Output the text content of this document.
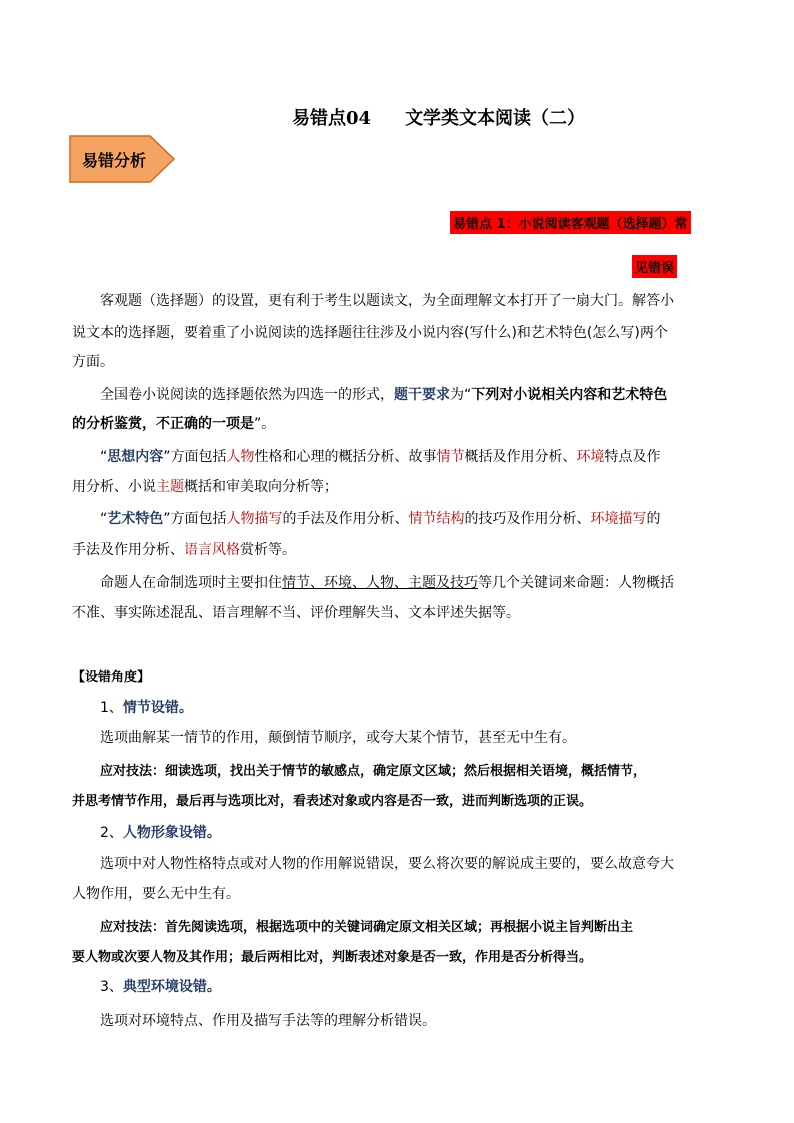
易错点04 文学类文本阅读（二）
易错分析
易错点 1：小说阅读客观题（选择题）常
见错误
客观题（选择题）的设置，更有利于考生以题读文，为全面理解文本打开了一扇大门。解答小
说文本的选择题，要着重了小说阅读的选择题往往涉及小说内容(写什么)和艺术特色(怎么写)两个
方面。
全国卷小说阅读的选择题依然为四选一的形式，题干要求为“下列对小说相关内容和艺术特色
的分析鉴赏，不正确的一项是”。
“思想内容”方面包括人物性格和心理的概括分析、故事情节概括及作用分析、环境特点及作
用分析、小说主题概括和审美取向分析等；
“艺术特色”方面包括人物描写的手法及作用分析、情节结构的技巧及作用分析、环境描写的
手法及作用分析、语言风格赏析等。
命题人在命制选项时主要扣住情节、环境、人物、主题及技巧等几个关键词来命题：人物概括
不准、事实陈述混乱、语言理解不当、评价理解失当、文本评述失据等。
【设错角度】
1、情节设错。
选项曲解某一情节的作用，颠倒情节顺序，或夸大某个情节，甚至无中生有。
应对技法：细读选项，找出关于情节的敏感点，确定原文区域；然后根据相关语境，概括情节，
并思考情节作用，最后再与选项比对，看表述对象或内容是否一致，进而判断选项的正误。
2、人物形象设错。
选项中对人物性格特点或对人物的作用解说错误，要么将次要的解说成主要的，要么故意夸大
人物作用，要么无中生有。
应对技法：首先阅读选项，根据选项中的关键词确定原文相关区域；再根据小说主旨判断出主
要人物或次要人物及其作用；最后两相比对，判断表述对象是否一致，作用是否分析得当。
3、典型环境设错。
选项对环境特点、作用及描写手法等的理解分析错误。
